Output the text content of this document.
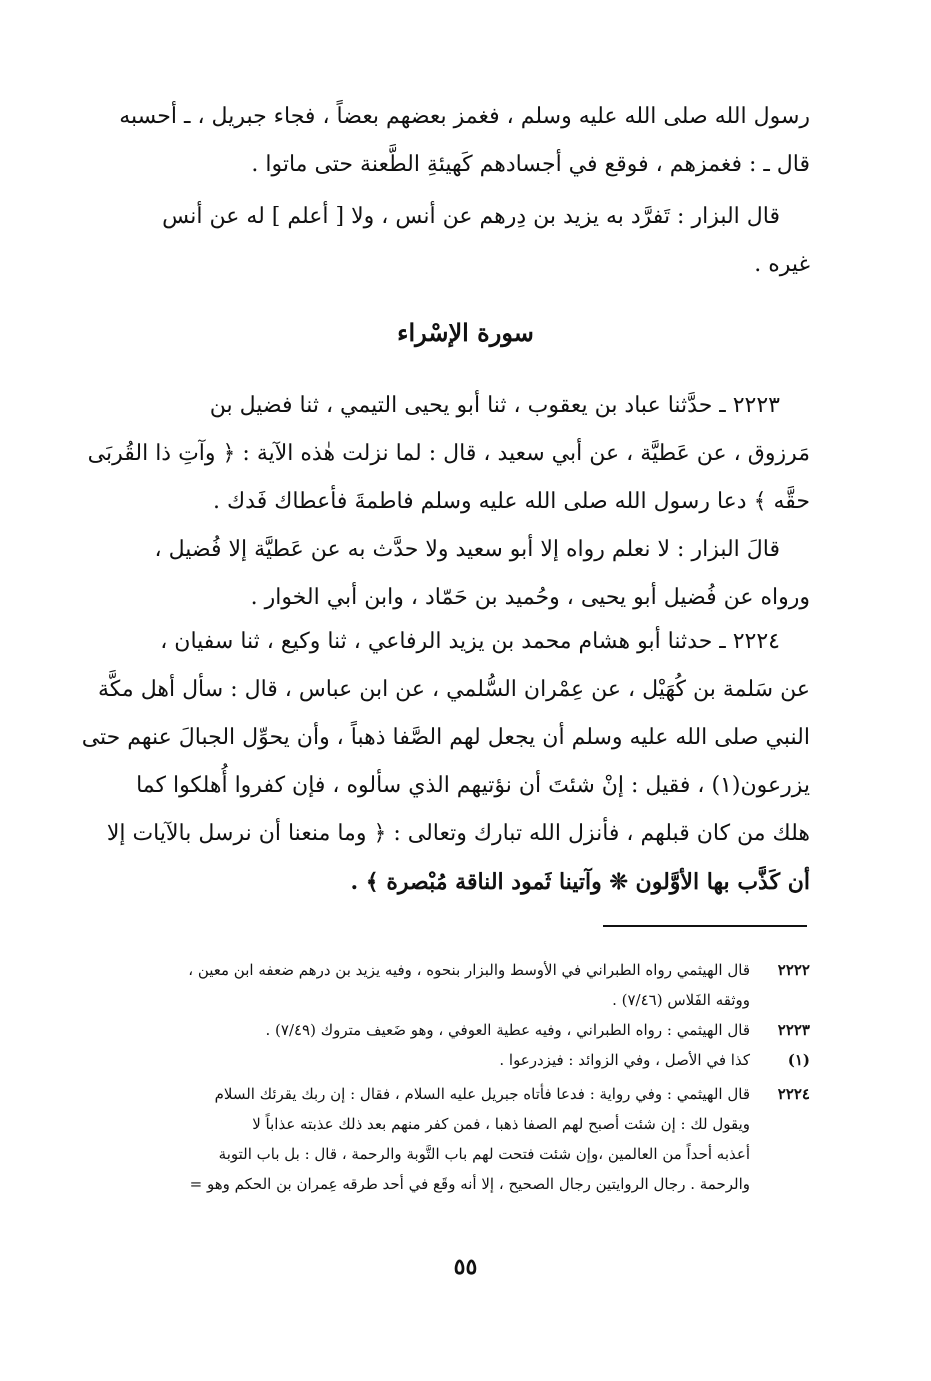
رسول الله صلى الله عليه وسلم ، فغمز بعضهم بعضاً ، فجاء جبريل ، ـ أحسبه
قال ـ : فغمزهم ، فوقع في أجسادهم كَهيئةِ الطَّعنة حتى ماتوا .
قال البزار : تَفرَّد به يزيد بن دِرهم عن أنس ، ولا [ أعلم ] له عن أنس
غيره .
سورة الإسْراء
٢٢٢٣ ـ حدَّثنا عباد بن يعقوب ، ثنا أبو يحيى التيمي ، ثنا فضيل بن
مَرزوق ، عن عَطيَّة ، عن أبي سعيد ، قال : لما نزلت هٰذه الآية : ﴿ وآتِ ذا القُربَى
حقَّه ﴾ دعا رسول الله صلى الله عليه وسلم فاطمةَ فأعطاك فَدك .
قالَ البزار : لا نعلم رواه إلا أبو سعيد ولا حدَّث به عن عَطيَّة إلا فُضيل ،
ورواه عن فُضيل أبو يحيى ، وحُميد بن حَمّاد ، وابن أبي الخوار .
٢٢٢٤ ـ حدثنا أبو هشام محمد بن يزيد الرفاعي ، ثنا وكيع ، ثنا سفيان ،
عن سَلمة بن كُهَيْل ، عن عِمْران السُّلمي ، عن ابن عباس ، قال : سأل أهل مكَّة
النبي صلى الله عليه وسلم أن يجعل لهم الصَّفا ذهباً ، وأن يحوِّل الجبالَ عنهم حتى
يزرعون(١) ، فقيل : إنْ شئتَ أن نؤتيهم الذي سألوه ، فإن كفروا أُهلكوا كما
هلك من كان قبلهم ، فأنزل الله تبارك وتعالى : ﴿ وما منعنا أن نرسل بالآيات إلا
أن كَذَّب بها الأوَّلون ❊ وآتينا ثَمود الناقة مُبْصرة ﴾ .
٢٢٢٢
قال الهيثمي رواه الطبراني في الأوسط والبزار بنحوه ، وفيه يزيد بن درهم ضعفه ابن معين ،
ووثقه الفَلاس (٧/٤٦) .
٢٢٢٣
قال الهيثمي : رواه الطبراني ، وفيه عطية العوفي ، وهو ضَعيف متروك (٧/٤٩) .
(١)
كذا في الأصل ، وفي الزوائد : فيزدرعوا .
٢٢٢٤
قال الهيثمي : وفي رواية : فدعا فأتاه جبريل عليه السلام ، فقال : إن ربك يقرئك السلام
ويقول لك : إن شئت أصبح لهم الصفا ذهبا ، فمن كفر منهم بعد ذلك عذبته عذاباً لا
أعذبه أحداً من العالمين ،وإن شئت فتحت لهم باب التَّوبة والرحمة ، قال : بل باب التوبة
والرحمة . رجال الروايتين رجال الصحيح ، إلا أنه وقَع في أحد طرقه عِمران بن الحكم وهو =
٥٥
